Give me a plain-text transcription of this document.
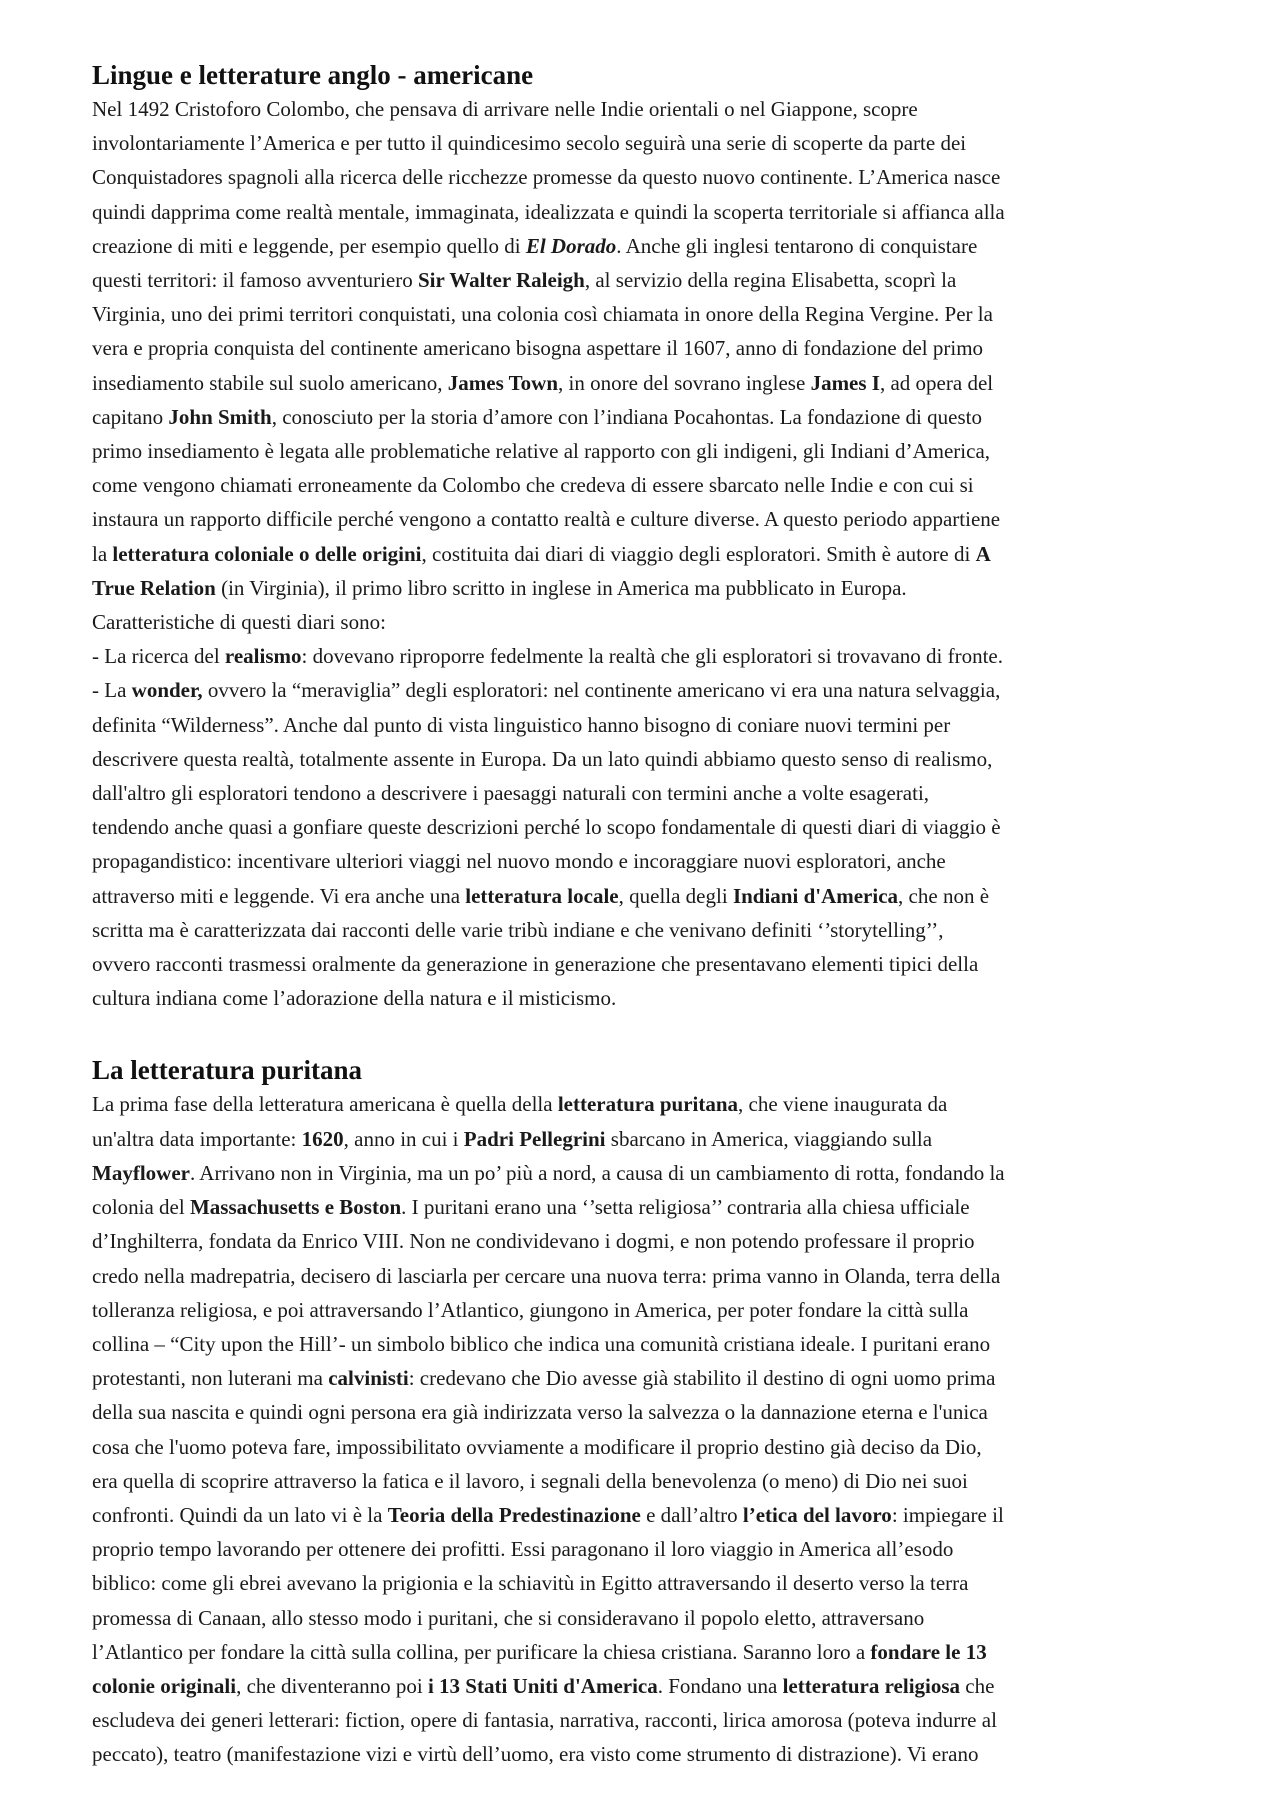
Lingue e letterature anglo - americane

Nel 1492 Cristoforo Colombo, che pensava di arrivare nelle Indie orientali o nel Giappone, scopre

involontariamente l’America e per tutto il quindicesimo secolo seguirà una serie di scoperte da parte dei

Conquistadores spagnoli alla ricerca delle ricchezze promesse da questo nuovo continente. L’America nasce

quindi dapprima come realtà mentale, immaginata, idealizzata e quindi la scoperta territoriale si affianca alla

creazione di miti e leggende, per esempio quello di El Dorado. Anche gli inglesi tentarono di conquistare

questi territori: il famoso avventuriero Sir Walter Raleigh, al servizio della regina Elisabetta, scoprì la

Virginia, uno dei primi territori conquistati, una colonia così chiamata in onore della Regina Vergine. Per la

vera e propria conquista del continente americano bisogna aspettare il 1607, anno di fondazione del primo

insediamento stabile sul suolo americano, James Town, in onore del sovrano inglese James I, ad opera del

capitano John Smith, conosciuto per la storia d’amore con l’indiana Pocahontas. La fondazione di questo

primo insediamento è legata alle problematiche relative al rapporto con gli indigeni, gli Indiani d’America,

come vengono chiamati erroneamente da Colombo che credeva di essere sbarcato nelle Indie e con cui si

instaura un rapporto difficile perché vengono a contatto realtà e culture diverse. A questo periodo appartiene

la letteratura coloniale o delle origini, costituita dai diari di viaggio degli esploratori. Smith è autore di A

True Relation (in Virginia), il primo libro scritto in inglese in America ma pubblicato in Europa.

Caratteristiche di questi diari sono:

- La ricerca del realismo: dovevano riproporre fedelmente la realtà che gli esploratori si trovavano di fronte.

- La wonder, ovvero la “meraviglia” degli esploratori: nel continente americano vi era una natura selvaggia,

definita “Wilderness”. Anche dal punto di vista linguistico hanno bisogno di coniare nuovi termini per

descrivere questa realtà, totalmente assente in Europa. Da un lato quindi abbiamo questo senso di realismo,

dall'altro gli esploratori tendono a descrivere i paesaggi naturali con termini anche a volte esagerati,

tendendo anche quasi a gonfiare queste descrizioni perché lo scopo fondamentale di questi diari di viaggio è

propagandistico: incentivare ulteriori viaggi nel nuovo mondo e incoraggiare nuovi esploratori, anche

attraverso miti e leggende. Vi era anche una letteratura locale, quella degli Indiani d'America, che non è

scritta ma è caratterizzata dai racconti delle varie tribù indiane e che venivano definiti ‘’storytelling’’,

ovvero racconti trasmessi oralmente da generazione in generazione che presentavano elementi tipici della

cultura indiana come l’adorazione della natura e il misticismo.

La letteratura puritana

La prima fase della letteratura americana è quella della letteratura puritana, che viene inaugurata da

un'altra data importante: 1620, anno in cui i Padri Pellegrini sbarcano in America, viaggiando sulla

Mayflower. Arrivano non in Virginia, ma un po’ più a nord, a causa di un cambiamento di rotta, fondando la

colonia del Massachusetts e Boston. I puritani erano una ‘’setta religiosa’’ contraria alla chiesa ufficiale

d’Inghilterra, fondata da Enrico VIII. Non ne condividevano i dogmi, e non potendo professare il proprio

credo nella madrepatria, decisero di lasciarla per cercare una nuova terra: prima vanno in Olanda, terra della

tolleranza religiosa, e poi attraversando l’Atlantico, giungono in America, per poter fondare la città sulla

collina – “City upon the Hill’- un simbolo biblico che indica una comunità cristiana ideale. I puritani erano

protestanti, non luterani ma calvinisti: credevano che Dio avesse già stabilito il destino di ogni uomo prima

della sua nascita e quindi ogni persona era già indirizzata verso la salvezza o la dannazione eterna e l'unica

cosa che l'uomo poteva fare, impossibilitato ovviamente a modificare il proprio destino già deciso da Dio,

era quella di scoprire attraverso la fatica e il lavoro, i segnali della benevolenza (o meno) di Dio nei suoi

confronti. Quindi da un lato vi è la Teoria della Predestinazione e dall’altro l’etica del lavoro: impiegare il

proprio tempo lavorando per ottenere dei profitti. Essi paragonano il loro viaggio in America all’esodo

biblico: come gli ebrei avevano la prigionia e la schiavitù in Egitto attraversando il deserto verso la terra

promessa di Canaan, allo stesso modo i puritani, che si consideravano il popolo eletto, attraversano

l’Atlantico per fondare la città sulla collina, per purificare la chiesa cristiana. Saranno loro a fondare le 13

colonie originali, che diventeranno poi i 13 Stati Uniti d'America. Fondano una letteratura religiosa che

escludeva dei generi letterari: fiction, opere di fantasia, narrativa, racconti, lirica amorosa (poteva indurre al

peccato), teatro (manifestazione vizi e virtù dell’uomo, era visto come strumento di distrazione). Vi erano
